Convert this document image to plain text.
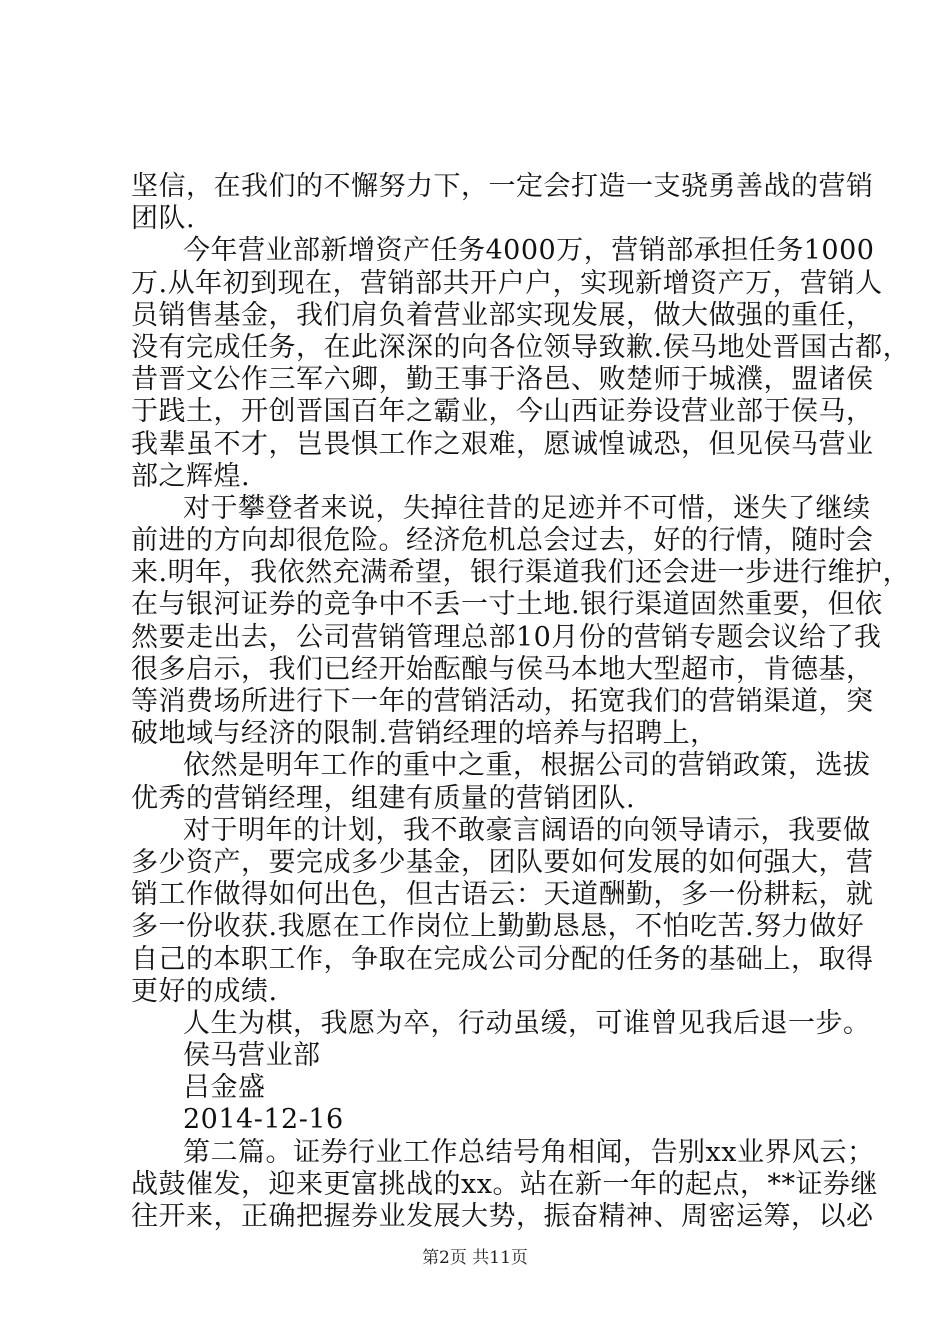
坚信，在我们的不懈努力下，一定会打造一支骁勇善战的营销
团队.
今年营业部新增资产任务4000万，营销部承担任务1000
万.从年初到现在，营销部共开户户，实现新增资产万，营销人
员销售基金，我们肩负着营业部实现发展，做大做强的重任，
没有完成任务，在此深深的向各位领导致歉.侯马地处晋国古都，
昔晋文公作三军六卿，勤王事于洛邑、败楚师于城濮，盟诸侯
于践土，开创晋国百年之霸业，今山西证券设营业部于侯马，
我辈虽不才，岂畏惧工作之艰难，愿诚惶诚恐，但见侯马营业
部之辉煌.
对于攀登者来说，失掉往昔的足迹并不可惜，迷失了继续
前进的方向却很危险。经济危机总会过去，好的行情，随时会
来.明年，我依然充满希望，银行渠道我们还会进一步进行维护，
在与银河证券的竞争中不丢一寸土地.银行渠道固然重要，但依
然要走出去，公司营销管理总部10月份的营销专题会议给了我
很多启示，我们已经开始酝酿与侯马本地大型超市，肯德基，
等消费场所进行下一年的营销活动，拓宽我们的营销渠道，突
破地域与经济的限制.营销经理的培养与招聘上，
依然是明年工作的重中之重，根据公司的营销政策，选拔
优秀的营销经理，组建有质量的营销团队.
对于明年的计划，我不敢豪言阔语的向领导请示，我要做
多少资产，要完成多少基金，团队要如何发展的如何强大，营
销工作做得如何出色，但古语云：天道酬勤，多一份耕耘，就
多一份收获.我愿在工作岗位上勤勤恳恳，不怕吃苦.努力做好
自己的本职工作，争取在完成公司分配的任务的基础上，取得
更好的成绩.
人生为棋，我愿为卒，行动虽缓，可谁曾见我后退一步。
侯马营业部
吕金盛
2014-12-16
第二篇。证券行业工作总结号角相闻，告别xx业界风云；
战鼓催发，迎来更富挑战的xx。站在新一年的起点，**证券继
往开来，正确把握券业发展大势，振奋精神、周密运筹，以必
第2页 共11页
